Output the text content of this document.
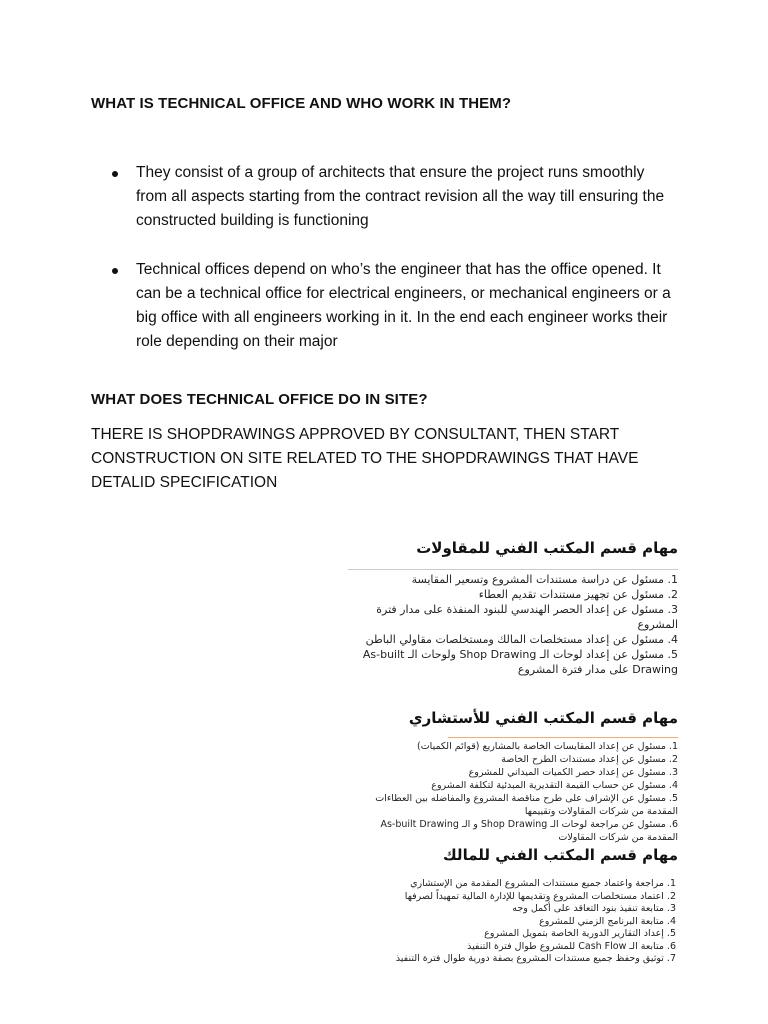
WHAT IS TECHNICAL OFFICE AND WHO WORK IN THEM?
They consist of a group of architects that ensure the project runs smoothly from all aspects starting from the contract revision all the way till ensuring the constructed building is functioning
Technical offices depend on who’s the engineer that has the office opened. It can be a technical office for electrical engineers, or mechanical engineers or a big office with all engineers working in it. In the end each engineer works their role depending on their major
WHAT DOES TECHNICAL OFFICE DO IN SITE?

THERE IS SHOPDRAWINGS APPROVED BY CONSULTANT, THEN START CONSTRUCTION ON SITE RELATED TO THE SHOPDRAWINGS THAT HAVE DETALID SPECIFICATION

مهام قسم المكتب الفني للمقاولات
1. مسئول عن دراسة مستندات المشروع وتسعير المقايسة
2. مسئول عن تجهيز مستندات تقديم العطاء
3. مسئول عن إعداد الحصر الهندسي للبنود المنفذة على مدار فترة المشروع
4. مسئول عن إعداد مستخلصات المالك ومستخلصات مقاولي الباطن
5. مسئول عن إعداد لوحات الـ Shop Drawing ولوحات الـ As-built Drawing على مدار فترة المشروع
مهام قسم المكتب الفني للأستشاري
1. مسئول عن إعداد المقايسات الخاصة بالمشاريع (قوائم الكميات)
2. مسئول عن إعداد مستندات الطرح الخاصة
3. مسئول عن إعداد حصر الكميات الميداني للمشروع
4. مسئول عن حساب القيمة التقديرية المبدئية لتكلفة المشروع
5. مسئول عن الإشراف على طرح مناقصة المشروع والمفاضله بين العطاءات المقدمة من شركات المقاولات وتقييمها
6. مسئول عن مراجعة لوحات الـ Shop Drawing و الـ As-built Drawing المقدمة من شركات المقاولات
مهام قسم المكتب الفني للمالك
1. مراجعة واعتماد جميع مستندات المشروع المقدمة من الإستشاري
2. اعتماد مستخلصات المشروع وتقديمها للإدارة المالية تمهيداً لصرفها
3. متابعة تنفيذ بنود التعاقد على أكمل وجه
4. متابعة البرنامج الزمني للمشروع
5. إعداد التقارير الدورية الخاصة بتمويل المشروع
6. متابعة الـ Cash Flow للمشروع طوال فترة التنفيذ
7. توثيق وحفظ جميع مستندات المشروع بصفة دورية طوال فترة التنفيذ
